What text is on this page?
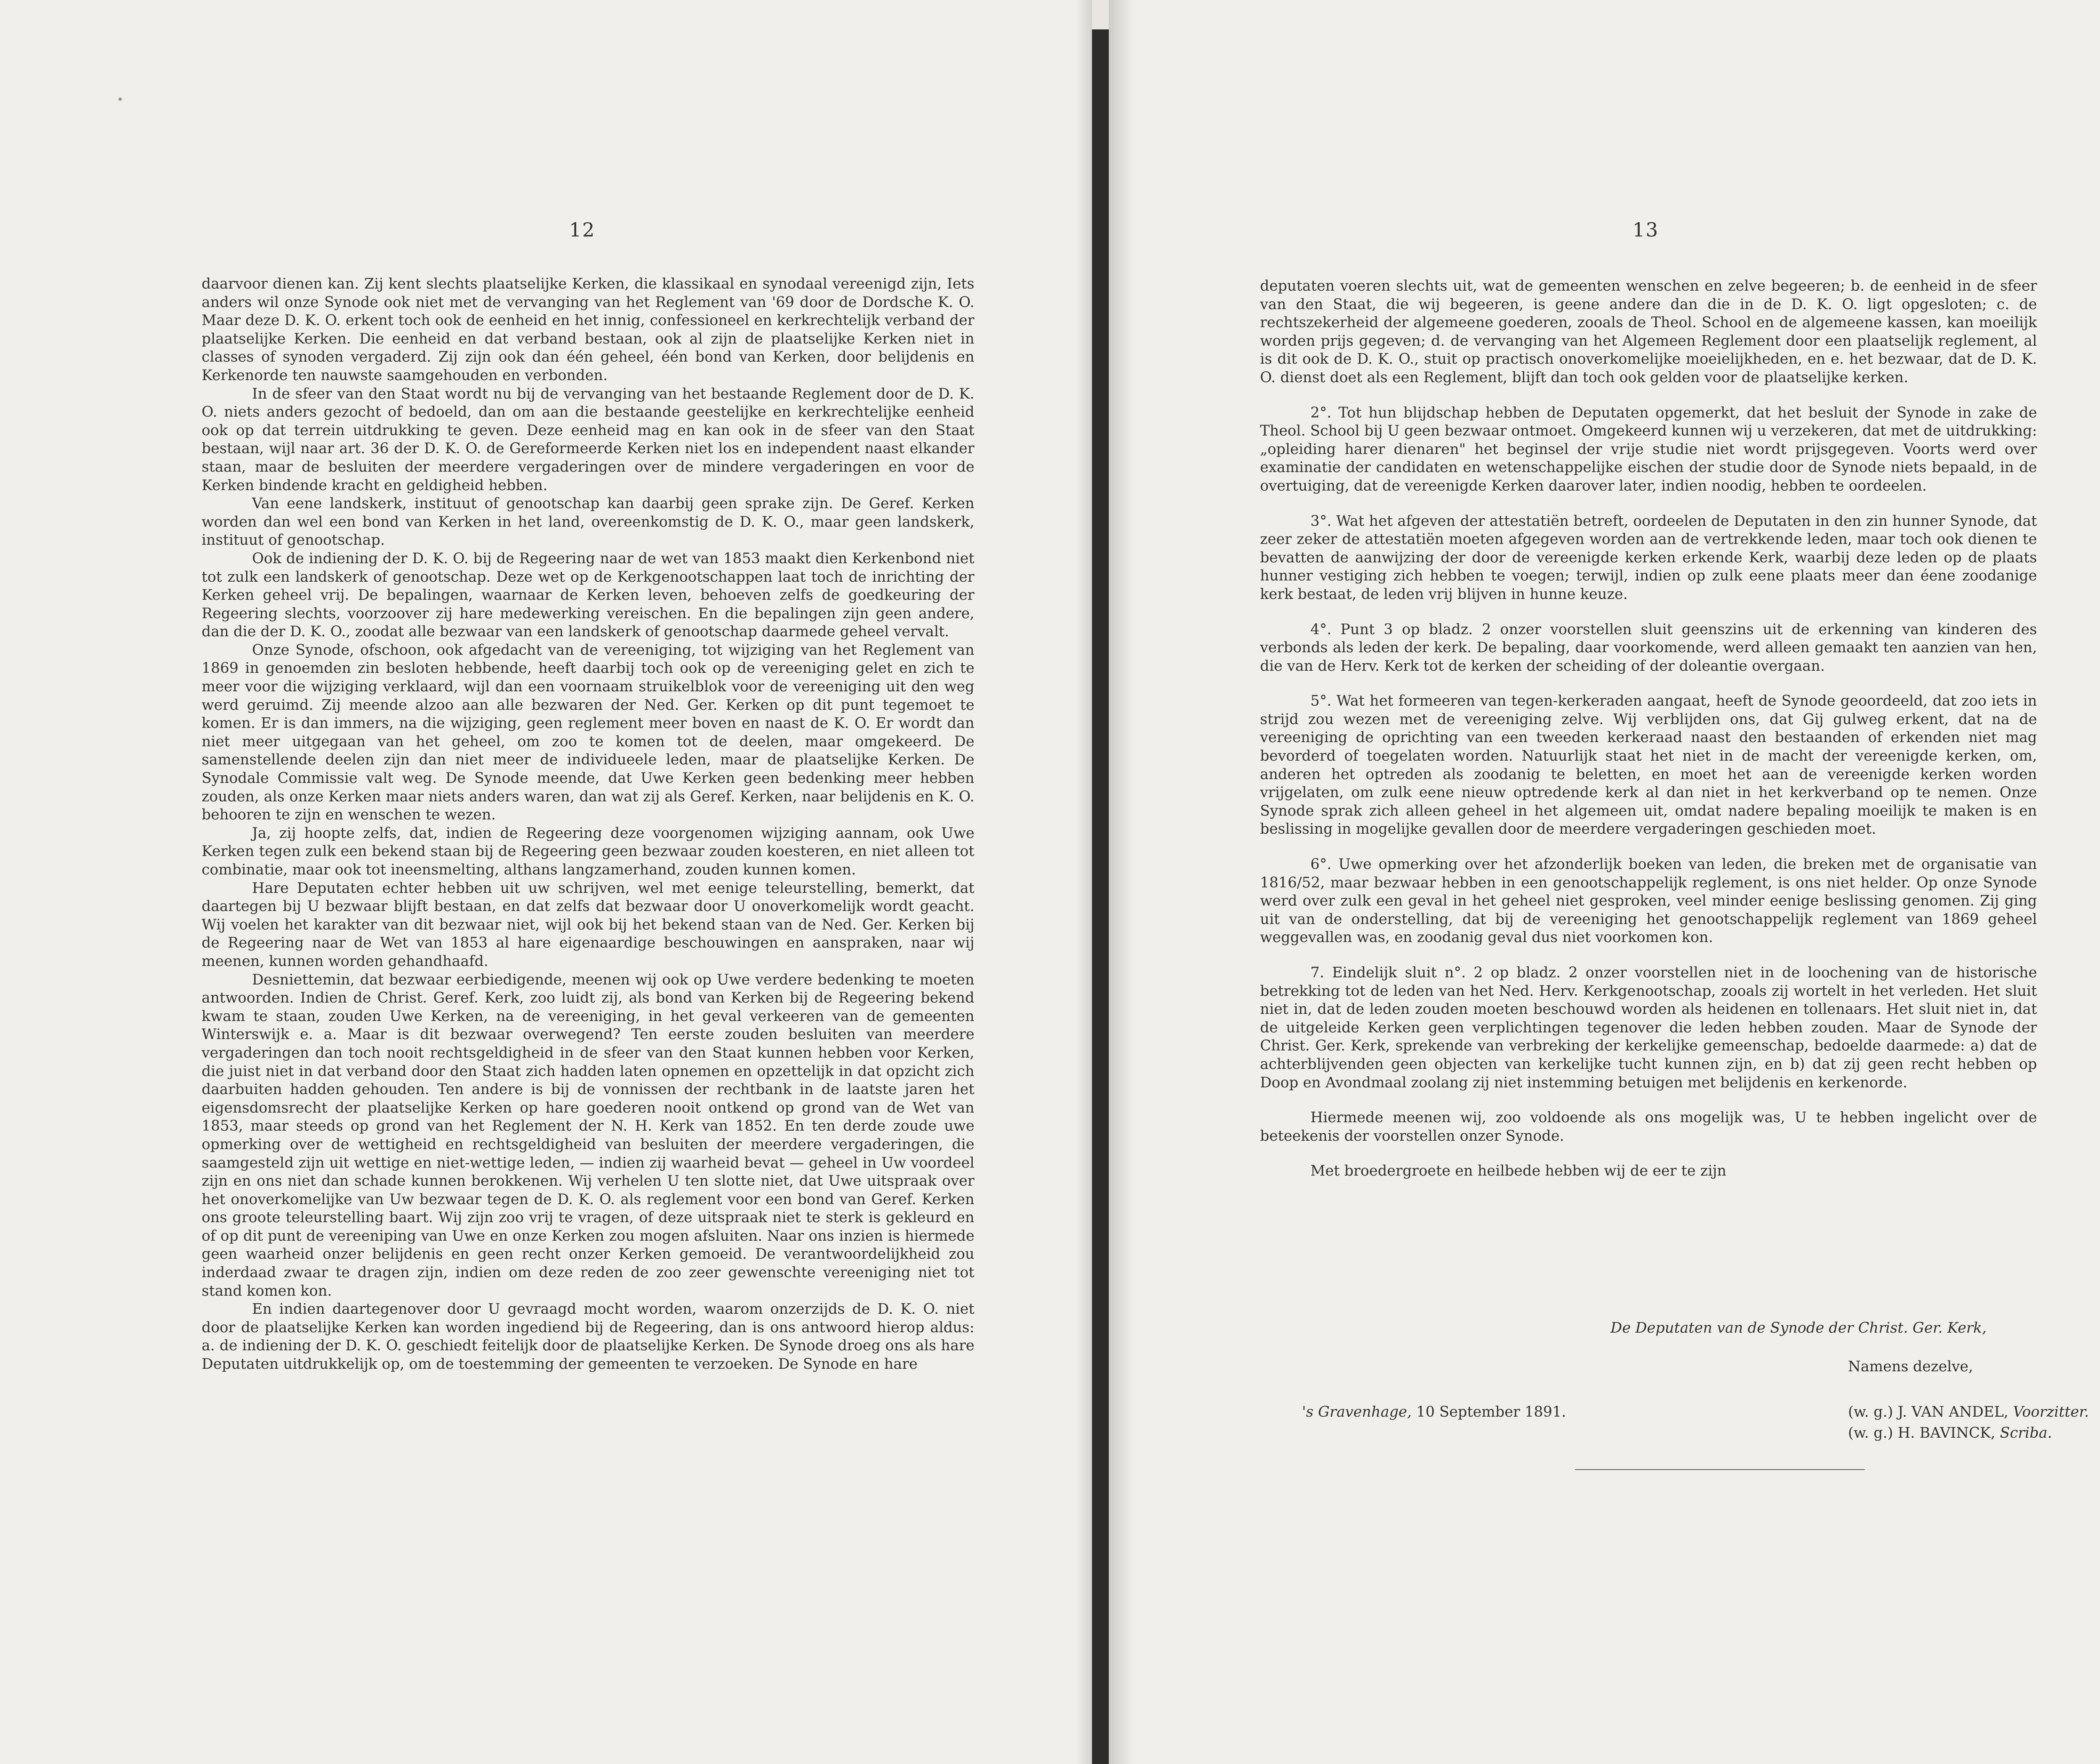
12

daarvoor dienen kan. Zij kent slechts plaatselijke Kerken, die klassikaal en synodaal vereenigd zijn, Iets anders wil onze Synode ook niet met de vervanging van het Reglement van '69 door de Dordsche K. O. Maar deze D. K. O. erkent toch ook de eenheid en het innig, confessioneel en kerkrechtelijk verband der plaatselijke Kerken. Die eenheid en dat verband bestaan, ook al zijn de plaatselijke Kerken niet in classes of synoden vergaderd. Zij zijn ook dan één geheel, één bond van Kerken, door belijdenis en Kerkenorde ten nauwste saamgehouden en verbonden.

In de sfeer van den Staat wordt nu bij de vervanging van het bestaande Reglement door de D. K. O. niets anders gezocht of bedoeld, dan om aan die bestaande geestelijke en kerkrechtelijke eenheid ook op dat terrein uitdrukking te geven. Deze eenheid mag en kan ook in de sfeer van den Staat bestaan, wijl naar art. 36 der D. K. O. de Gereformeerde Kerken niet los en independent naast elkander staan, maar de besluiten der meerdere vergaderingen over de mindere vergaderingen en voor de Kerken bindende kracht en geldigheid hebben.

Van eene landskerk, instituut of genootschap kan daarbij geen sprake zijn. De Geref. Kerken worden dan wel een bond van Kerken in het land, overeenkomstig de D. K. O., maar geen landskerk, instituut of genootschap.

Ook de indiening der D. K. O. bij de Regeering naar de wet van 1853 maakt dien Kerkenbond niet tot zulk een landskerk of genootschap. Deze wet op de Kerkgenootschappen laat toch de inrichting der Kerken geheel vrij. De bepalingen, waarnaar de Kerken leven, behoeven zelfs de goedkeuring der Regeering slechts, voorzoover zij hare medewerking vereischen. En die bepalingen zijn geen andere, dan die der D. K. O., zoodat alle bezwaar van een landskerk of genootschap daarmede geheel vervalt.

Onze Synode, ofschoon, ook afgedacht van de vereeniging, tot wijziging van het Reglement van 1869 in genoemden zin besloten hebbende, heeft daarbij toch ook op de vereeniging gelet en zich te meer voor die wijziging verklaard, wijl dan een voornaam struikelblok voor de vereeniging uit den weg werd geruimd. Zij meende alzoo aan alle bezwaren der Ned. Ger. Kerken op dit punt tegemoet te komen. Er is dan immers, na die wijziging, geen reglement meer boven en naast de K. O. Er wordt dan niet meer uitgegaan van het geheel, om zoo te komen tot de deelen, maar omgekeerd. De samenstellende deelen zijn dan niet meer de individueele leden, maar de plaatselijke Kerken. De Synodale Commissie valt weg. De Synode meende, dat Uwe Kerken geen bedenking meer hebben zouden, als onze Kerken maar niets anders waren, dan wat zij als Geref. Kerken, naar belijdenis en K. O. behooren te zijn en wenschen te wezen.

Ja, zij hoopte zelfs, dat, indien de Regeering deze voorgenomen wijziging aannam, ook Uwe Kerken tegen zulk een bekend staan bij de Regeering geen bezwaar zouden koesteren, en niet alleen tot combinatie, maar ook tot ineensmelting, althans langzamerhand, zouden kunnen komen.

Hare Deputaten echter hebben uit uw schrijven, wel met eenige teleurstelling, bemerkt, dat daartegen bij U bezwaar blijft bestaan, en dat zelfs dat bezwaar door U onoverkomelijk wordt geacht. Wij voelen het karakter van dit bezwaar niet, wijl ook bij het bekend staan van de Ned. Ger. Kerken bij de Regeering naar de Wet van 1853 al hare eigenaardige beschouwingen en aanspraken, naar wij meenen, kunnen worden gehandhaafd.

Desniettemin, dat bezwaar eerbiedigende, meenen wij ook op Uwe verdere bedenking te moeten antwoorden. Indien de Christ. Geref. Kerk, zoo luidt zij, als bond van Kerken bij de Regeering bekend kwam te staan, zouden Uwe Kerken, na de vereeniging, in het geval verkeeren van de gemeenten Winterswijk e. a. Maar is dit bezwaar overwegend? Ten eerste zouden besluiten van meerdere vergaderingen dan toch nooit rechtsgeldigheid in de sfeer van den Staat kunnen hebben voor Kerken, die juist niet in dat verband door den Staat zich hadden laten opnemen en opzettelijk in dat opzicht zich daarbuiten hadden gehouden. Ten andere is bij de vonnissen der rechtbank in de laatste jaren het eigensdomsrecht der plaatselijke Kerken op hare goederen nooit ontkend op grond van de Wet van 1853, maar steeds op grond van het Reglement der N. H. Kerk van 1852. En ten derde zoude uwe opmerking over de wettigheid en rechtsgeldigheid van besluiten der meerdere vergaderingen, die saamgesteld zijn uit wettige en niet-wettige leden, — indien zij waarheid bevat — geheel in Uw voordeel zijn en ons niet dan schade kunnen berokkenen. Wij verhelen U ten slotte niet, dat Uwe uitspraak over het onoverkomelijke van Uw bezwaar tegen de D. K. O. als reglement voor een bond van Geref. Kerken ons groote teleurstelling baart. Wij zijn zoo vrij te vragen, of deze uitspraak niet te sterk is gekleurd en of op dit punt de vereeniping van Uwe en onze Kerken zou mogen afsluiten. Naar ons inzien is hiermede geen waarheid onzer belijdenis en geen recht onzer Kerken gemoeid. De verantwoordelijkheid zou inderdaad zwaar te dragen zijn, indien om deze reden de zoo zeer gewenschte vereeniging niet tot stand komen kon.

En indien daartegenover door U gevraagd mocht worden, waarom onzerzijds de D. K. O. niet door de plaatselijke Kerken kan worden ingediend bij de Regeering, dan is ons antwoord hierop aldus: a. de indiening der D. K. O. geschiedt feitelijk door de plaatselijke Kerken. De Synode droeg ons als hare Deputaten uitdrukkelijk op, om de toestemming der gemeenten te verzoeken. De Synode en hare

13

deputaten voeren slechts uit, wat de gemeenten wenschen en zelve begeeren; b. de eenheid in de sfeer van den Staat, die wij begeeren, is geene andere dan die in de D. K. O. ligt opgesloten; c. de rechtszekerheid der algemeene goederen, zooals de Theol. School en de algemeene kassen, kan moeilijk worden prijs gegeven; d. de vervanging van het Algemeen Reglement door een plaatselijk reglement, al is dit ook de D. K. O., stuit op practisch onoverkomelijke moeielijkheden, en e. het bezwaar, dat de D. K. O. dienst doet als een Reglement, blijft dan toch ook gelden voor de plaatselijke kerken.

2°. Tot hun blijdschap hebben de Deputaten opgemerkt, dat het besluit der Synode in zake de Theol. School bij U geen bezwaar ontmoet. Omgekeerd kunnen wij u verzekeren, dat met de uitdrukking: „opleiding harer dienaren" het beginsel der vrije studie niet wordt prijsgegeven. Voorts werd over examinatie der candidaten en wetenschappelijke eischen der studie door de Synode niets bepaald, in de overtuiging, dat de vereenigde Kerken daarover later, indien noodig, hebben te oordeelen.

3°. Wat het afgeven der attestatiën betreft, oordeelen de Deputaten in den zin hunner Synode, dat zeer zeker de attestatiën moeten afgegeven worden aan de vertrekkende leden, maar toch ook dienen te bevatten de aanwijzing der door de vereenigde kerken erkende Kerk, waarbij deze leden op de plaats hunner vestiging zich hebben te voegen; terwijl, indien op zulk eene plaats meer dan éene zoodanige kerk bestaat, de leden vrij blijven in hunne keuze.

4°. Punt 3 op bladz. 2 onzer voorstellen sluit geenszins uit de erkenning van kinderen des verbonds als leden der kerk. De bepaling, daar voorkomende, werd alleen gemaakt ten aanzien van hen, die van de Herv. Kerk tot de kerken der scheiding of der doleantie overgaan.

5°. Wat het formeeren van tegen-kerkeraden aangaat, heeft de Synode geoordeeld, dat zoo iets in strijd zou wezen met de vereeniging zelve. Wij verblijden ons, dat Gij gulweg erkent, dat na de vereeniging de oprichting van een tweeden kerkeraad naast den bestaanden of erkenden niet mag bevorderd of toegelaten worden. Natuurlijk staat het niet in de macht der vereenigde kerken, om, anderen het optreden als zoodanig te beletten, en moet het aan de vereenigde kerken worden vrijgelaten, om zulk eene nieuw optredende kerk al dan niet in het kerkverband op te nemen. Onze Synode sprak zich alleen geheel in het algemeen uit, omdat nadere bepaling moeilijk te maken is en beslissing in mogelijke gevallen door de meerdere vergaderingen geschieden moet.

6°. Uwe opmerking over het afzonderlijk boeken van leden, die breken met de organisatie van 1816/52, maar bezwaar hebben in een genootschappelijk reglement, is ons niet helder. Op onze Synode werd over zulk een geval in het geheel niet gesproken, veel minder eenige beslissing genomen. Zij ging uit van de onderstelling, dat bij de vereeniging het genootschappelijk reglement van 1869 geheel weggevallen was, en zoodanig geval dus niet voorkomen kon.

7. Eindelijk sluit n°. 2 op bladz. 2 onzer voorstellen niet in de loochening van de historische betrekking tot de leden van het Ned. Herv. Kerkgenootschap, zooals zij wortelt in het verleden. Het sluit niet in, dat de leden zouden moeten beschouwd worden als heidenen en tollenaars. Het sluit niet in, dat de uitgeleide Kerken geen verplichtingen tegenover die leden hebben zouden. Maar de Synode der Christ. Ger. Kerk, sprekende van verbreking der kerkelijke gemeenschap, bedoelde daarmede: a) dat de achterblijvenden geen objecten van kerkelijke tucht kunnen zijn, en b) dat zij geen recht hebben op Doop en Avondmaal zoolang zij niet instemming betuigen met belijdenis en kerkenorde.

Hiermede meenen wij, zoo voldoende als ons mogelijk was, U te hebben ingelicht over de beteekenis der voorstellen onzer Synode.

Met broedergroete en heilbede hebben wij de eer te zijn

De Deputaten van de Synode der Christ. Ger. Kerk,
Namens dezelve,
's Gravenhage, 10 September 1891.	(w. g.) J. VAN ANDEL, Voorzitter.
(w. g.) H. BAVINCK, Scriba.
